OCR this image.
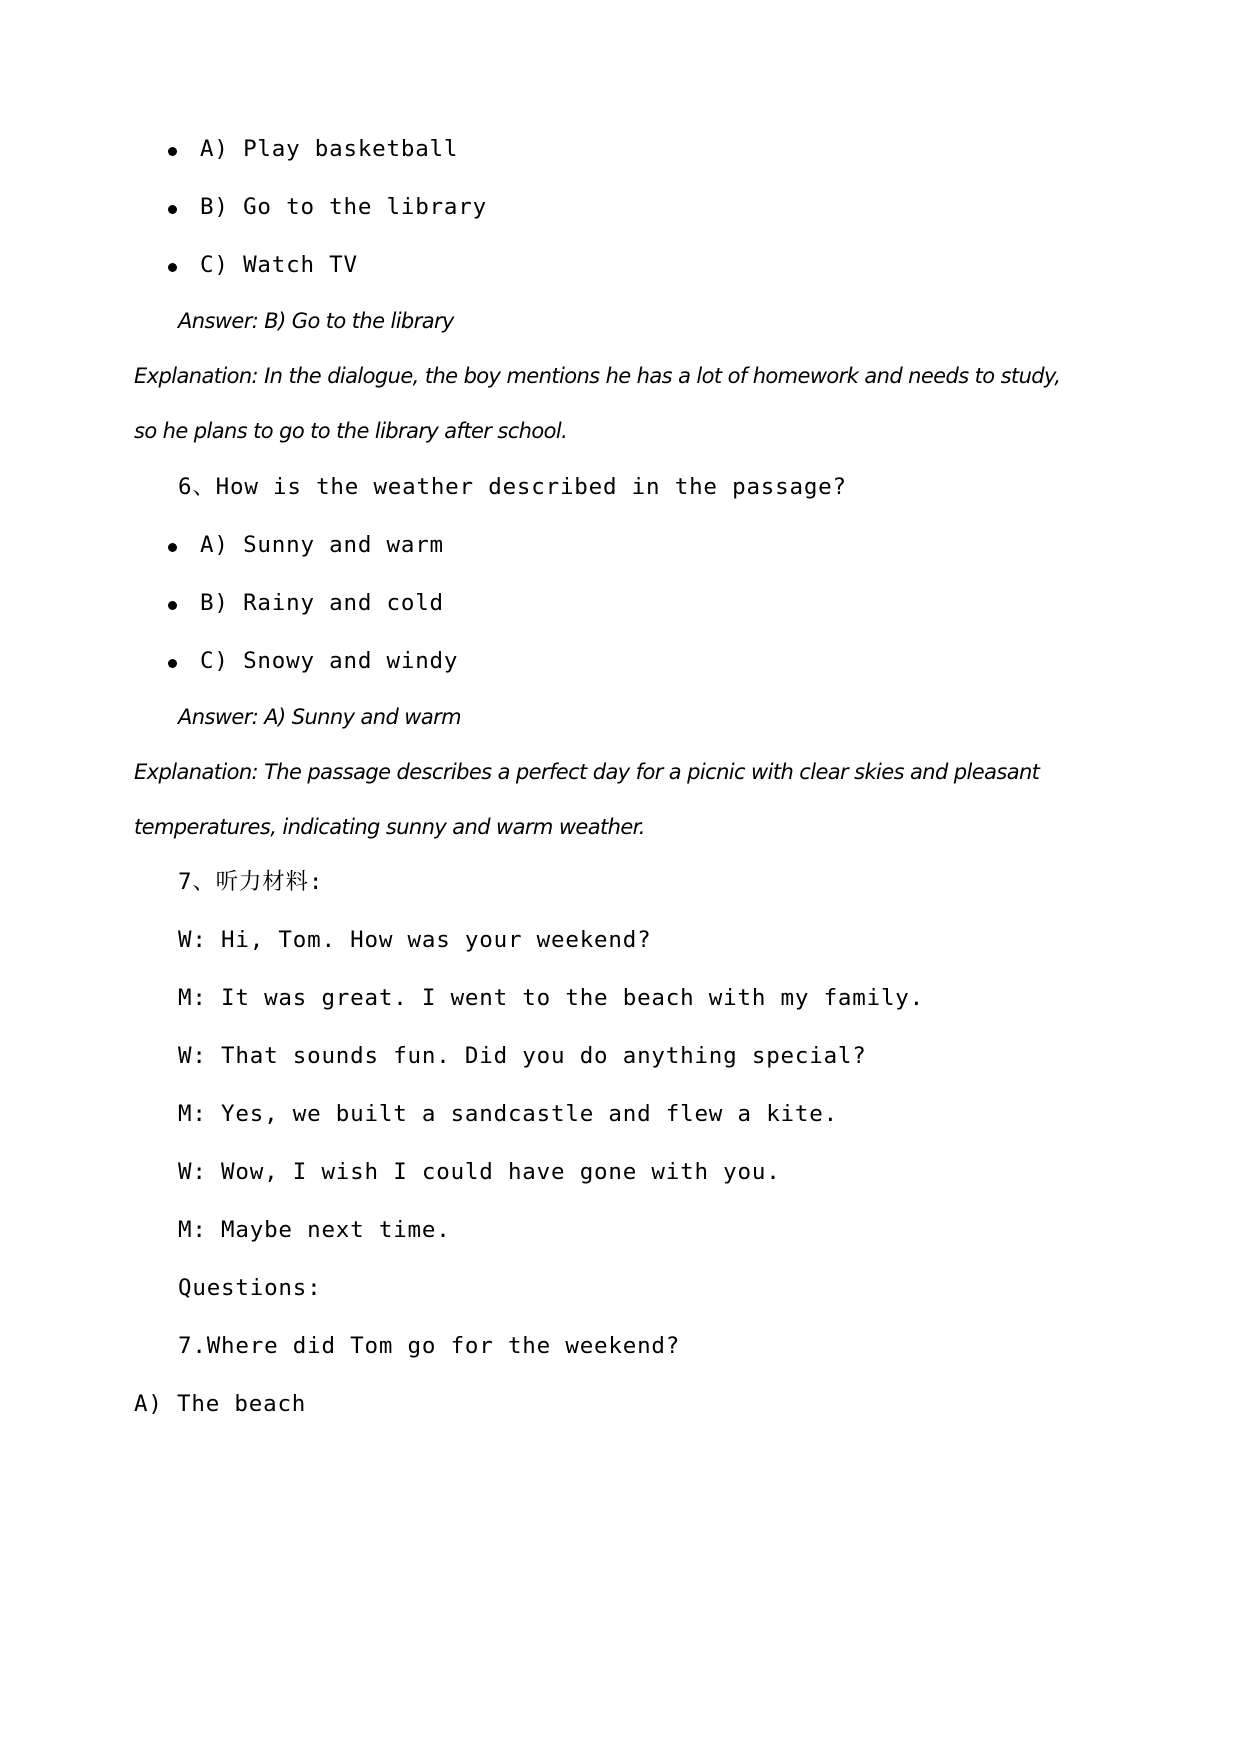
A) Play basketball
B) Go to the library
C) Watch TV
Answer: B) Go to the library
Explanation: In the dialogue, the boy mentions he has a lot of homework and needs to study,
so he plans to go to the library after school.
6、How is the weather described in the passage?
A) Sunny and warm
B) Rainy and cold
C) Snowy and windy
Answer: A) Sunny and warm
Explanation: The passage describes a perfect day for a picnic with clear skies and pleasant
temperatures, indicating sunny and warm weather.
7、听力材料:
W: Hi, Tom. How was your weekend?
M: It was great. I went to the beach with my family.
W: That sounds fun. Did you do anything special?
M: Yes, we built a sandcastle and flew a kite.
W: Wow, I wish I could have gone with you.
M: Maybe next time.
Questions:
7.Where did Tom go for the weekend?
A) The beach
